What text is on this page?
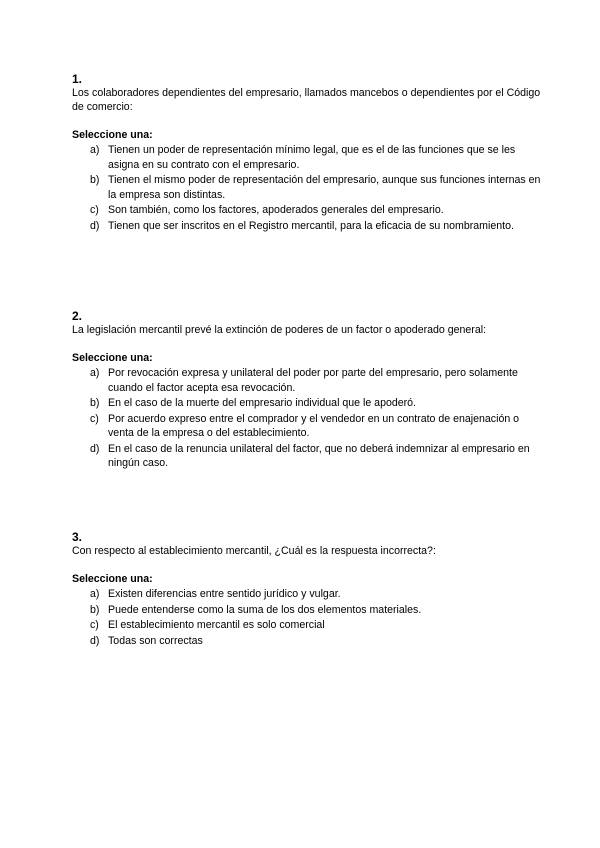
1.

Los colaboradores dependientes del empresario, llamados mancebos o dependientes por el Código de comercio:

Seleccione una:

a) Tienen un poder de representación mínimo legal, que es el de las funciones que se les asigna en su contrato con el empresario.
b) Tienen el mismo poder de representación del empresario, aunque sus funciones internas en la empresa son distintas.
c) Son también, como los factores, apoderados generales del empresario.
d) Tienen que ser inscritos en el Registro mercantil, para la eficacia de su nombramiento.

2.

La legislación mercantil prevé la extinción de poderes de un factor o apoderado general:

Seleccione una:

a) Por revocación expresa y unilateral del poder por parte del empresario, pero solamente cuando el factor acepta esa revocación.
b) En el caso de la muerte del empresario individual que le apoderó.
c) Por acuerdo expreso entre el comprador y el vendedor en un contrato de enajenación o venta de la empresa o del establecimiento.
d) En el caso de la renuncia unilateral del factor, que no deberá indemnizar al empresario en ningún caso.

3.

Con respecto al establecimiento mercantil, ¿Cuál es la respuesta incorrecta?:

Seleccione una:

a) Existen diferencias entre sentido jurídico y vulgar.
b) Puede entenderse como la suma de los dos elementos materiales.
c) El establecimiento mercantil es solo comercial
d) Todas son correctas
